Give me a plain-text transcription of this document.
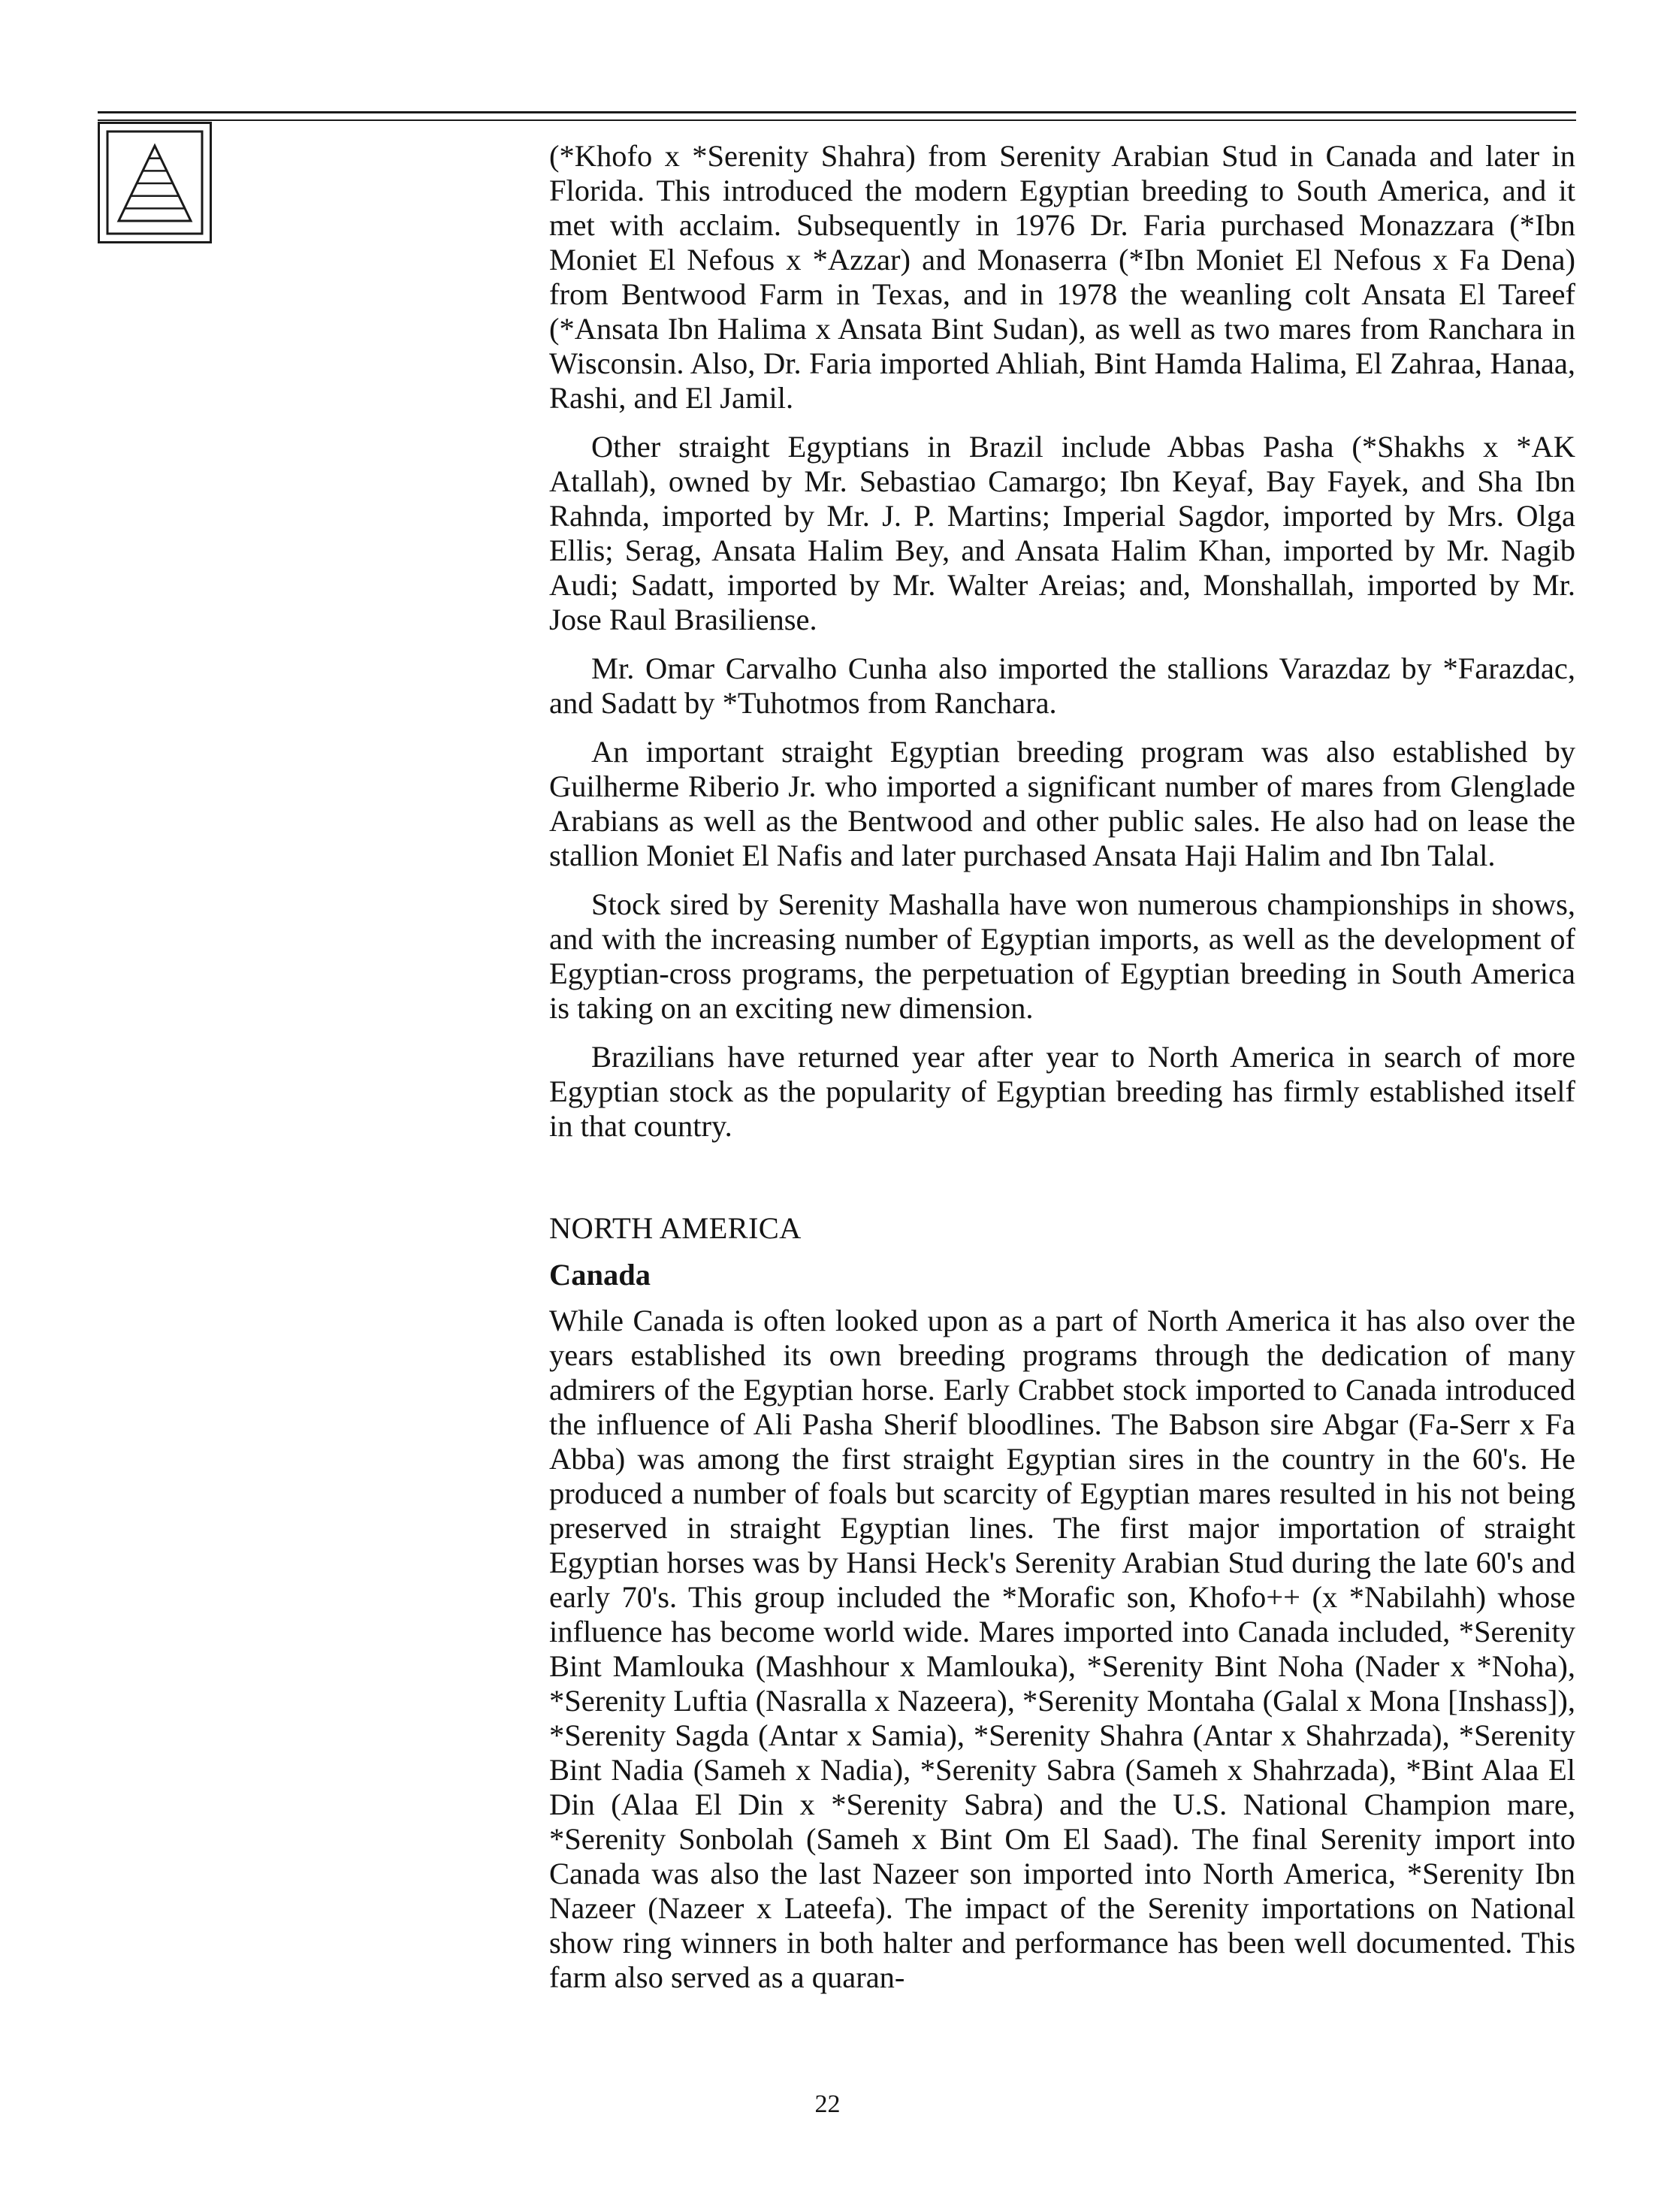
(*Khofo x *Serenity Shahra) from Serenity Arabian Stud in Canada and later in Florida. This introduced the modern Egyptian breeding to South America, and it met with acclaim. Subsequently in 1976 Dr. Faria purchased Monazzara (*Ibn Moniet El Nefous x *Azzar) and Monaserra (*Ibn Moniet El Nefous x Fa Dena) from Bentwood Farm in Texas, and in 1978 the weanling colt Ansata El Tareef (*Ansata Ibn Halima x Ansata Bint Sudan), as well as two mares from Ranchara in Wisconsin. Also, Dr. Faria imported Ahliah, Bint Hamda Halima, El Zahraa, Hanaa, Rashi, and El Jamil.

Other straight Egyptians in Brazil include Abbas Pasha (*Shakhs x *AK Atallah), owned by Mr. Sebastiao Camargo; Ibn Keyaf, Bay Fayek, and Sha Ibn Rahnda, imported by Mr. J. P. Martins; Imperial Sagdor, imported by Mrs. Olga Ellis; Serag, Ansata Halim Bey, and Ansata Halim Khan, imported by Mr. Nagib Audi; Sadatt, imported by Mr. Walter Areias; and, Monshallah, imported by Mr. Jose Raul Brasiliense.

Mr. Omar Carvalho Cunha also imported the stallions Varazdaz by *Farazdac, and Sadatt by *Tuhotmos from Ranchara.

An important straight Egyptian breeding program was also established by Guilherme Riberio Jr. who imported a significant number of mares from Glenglade Arabians as well as the Bentwood and other public sales. He also had on lease the stallion Moniet El Nafis and later purchased Ansata Haji Halim and Ibn Talal.

Stock sired by Serenity Mashalla have won numerous championships in shows, and with the increasing number of Egyptian imports, as well as the development of Egyptian-cross programs, the perpetuation of Egyptian breeding in South America is taking on an exciting new dimension.

Brazilians have returned year after year to North America in search of more Egyptian stock as the popularity of Egyptian breeding has firmly established itself in that country.

NORTH AMERICA
Canada

While Canada is often looked upon as a part of North America it has also over the years established its own breeding programs through the dedication of many admirers of the Egyptian horse. Early Crabbet stock imported to Canada introduced the influence of Ali Pasha Sherif bloodlines. The Babson sire Abgar (Fa-Serr x Fa Abba) was among the first straight Egyptian sires in the country in the 60's. He produced a number of foals but scarcity of Egyptian mares resulted in his not being preserved in straight Egyptian lines. The first major importation of straight Egyptian horses was by Hansi Heck's Serenity Arabian Stud during the late 60's and early 70's. This group included the *Morafic son, Khofo++ (x *Nabilahh) whose influence has become world wide. Mares imported into Canada included, *Serenity Bint Mamlouka (Mashhour x Mamlouka), *Serenity Bint Noha (Nader x *Noha), *Serenity Luftia (Nasralla x Nazeera), *Serenity Montaha (Galal x Mona [Inshass]), *Serenity Sagda (Antar x Samia), *Serenity Shahra (Antar x Shahrzada), *Serenity Bint Nadia (Sameh x Nadia), *Serenity Sabra (Sameh x Shahrzada), *Bint Alaa El Din (Alaa El Din x *Serenity Sabra) and the U.S. National Champion mare, *Serenity Sonbolah (Sameh x Bint Om El Saad). The final Serenity import into Canada was also the last Nazeer son imported into North America, *Serenity Ibn Nazeer (Nazeer x Lateefa). The impact of the Serenity importations on National show ring winners in both halter and performance has been well documented. This farm also served as a quaran-

22
